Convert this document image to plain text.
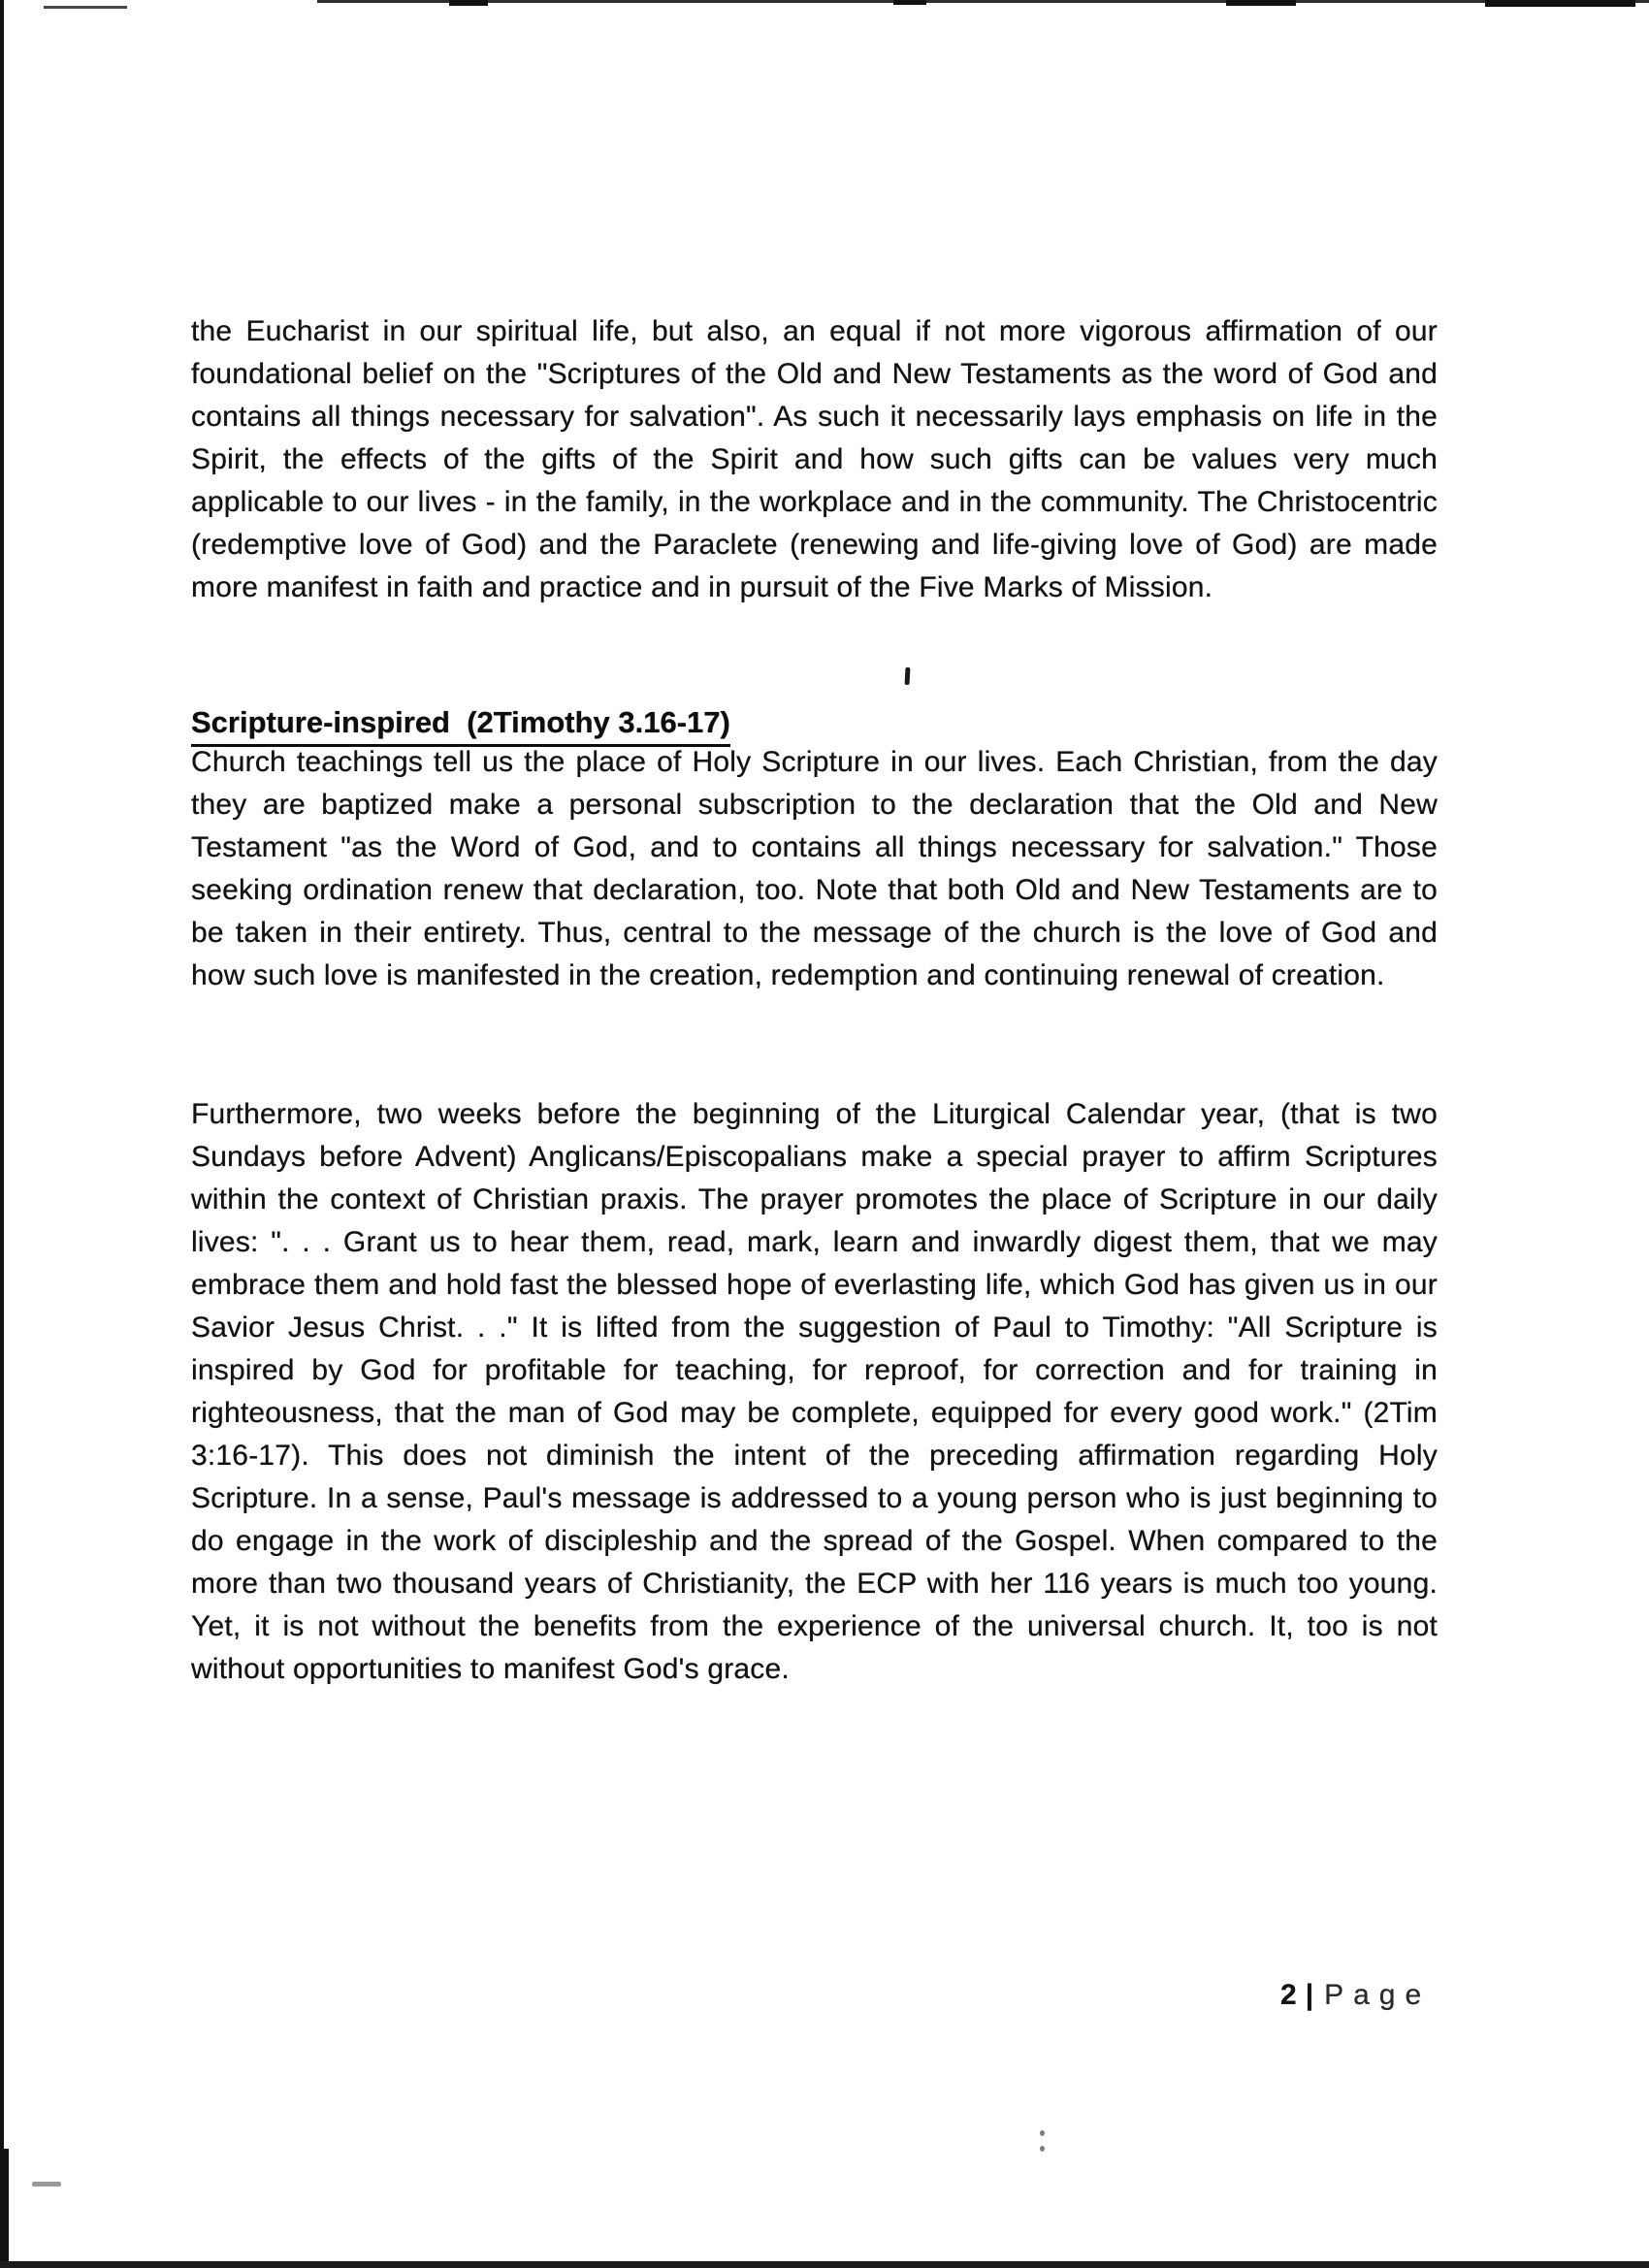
the Eucharist in our spiritual life, but also, an equal if not more vigorous affirmation of our foundational belief on the "Scriptures of the Old and New Testaments as the word of God and contains all things necessary for salvation". As such it necessarily lays emphasis on life in the Spirit, the effects of the gifts of the Spirit and how such gifts can be values very much applicable to our lives - in the family, in the workplace and in the community. The Christocentric (redemptive love of God) and the Paraclete (renewing and life-giving love of God) are made more manifest in faith and practice and in pursuit of the Five Marks of Mission.

Scripture-inspired  (2Timothy 3.16-17)

Church teachings tell us the place of Holy Scripture in our lives. Each Christian, from the day they are baptized make a personal subscription to the declaration that the Old and New Testament "as the Word of God, and to contains all things necessary for salvation." Those seeking ordination renew that declaration, too. Note that both Old and New Testaments are to be taken in their entirety. Thus, central to the message of the church is the love of God and how such love is manifested in the creation, redemption and continuing renewal of creation.

Furthermore, two weeks before the beginning of the Liturgical Calendar year, (that is two Sundays before Advent) Anglicans/Episcopalians make a special prayer to affirm Scriptures within the context of Christian praxis. The prayer promotes the place of Scripture in our daily lives: ". . . Grant us to hear them, read, mark, learn and inwardly digest them, that we may embrace them and hold fast the blessed hope of everlasting life, which God has given us in our Savior Jesus Christ. . ." It is lifted from the suggestion of Paul to Timothy: "All Scripture is inspired by God for profitable for teaching, for reproof, for correction and for training in righteousness, that the man of God may be complete, equipped for every good work." (2Tim 3:16-17). This does not diminish the intent of the preceding affirmation regarding Holy Scripture. In a sense, Paul's message is addressed to a young person who is just beginning to do engage in the work of discipleship and the spread of the Gospel. When compared to the more than two thousand years of Christianity, the ECP with her 116 years is much too young. Yet, it is not without the benefits from the experience of the universal church. It, too is not without opportunities to manifest God's grace.

2 | Page
